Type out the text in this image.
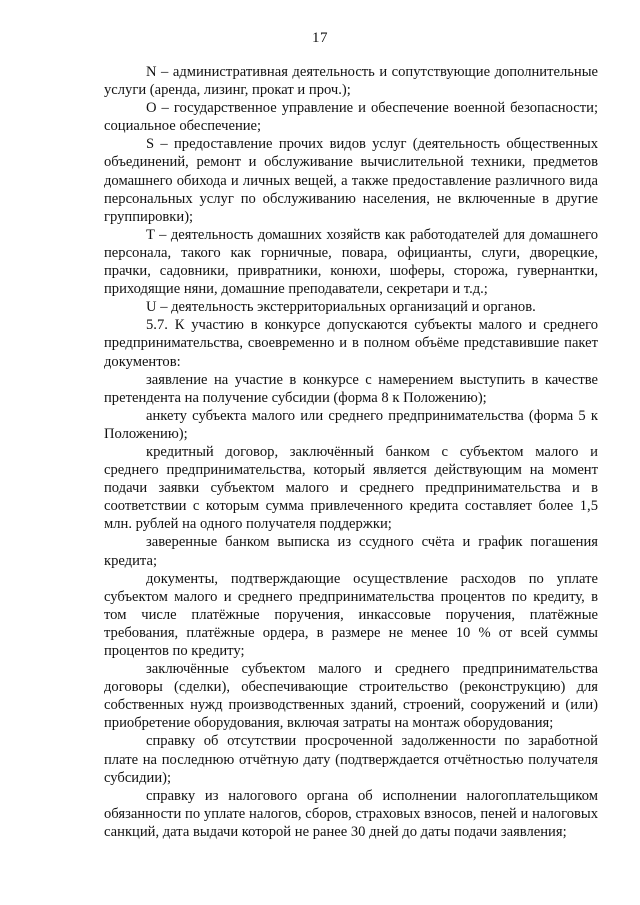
17

N – административная деятельность и сопутствующие дополнительные услуги (аренда, лизинг, прокат и проч.);

O – государственное управление и обеспечение военной безопасности; социальное обеспечение;

S – предоставление прочих видов услуг (деятельность общественных объединений, ремонт и обслуживание вычислительной техники, предметов домашнего обихода и личных вещей, а также предоставление различного вида персональных услуг по обслуживанию населения, не включенные в другие группировки);

T – деятельность домашних хозяйств как работодателей для домашнего персонала, такого как горничные, повара, официанты, слуги, дворецкие, прачки, садовники, привратники, конюхи, шоферы, сторожа, гувернантки, приходящие няни, домашние преподаватели, секретари и т.д.;

U – деятельность экстерриториальных организаций и органов.

5.7. К участию в конкурсе допускаются субъекты малого и среднего предпринимательства, своевременно и в полном объёме представившие пакет документов:

заявление на участие в конкурсе с намерением выступить в качестве претендента на получение субсидии (форма 8 к Положению);

анкету субъекта малого или среднего предпринимательства (форма 5 к Положению);

кредитный договор, заключённый банком с субъектом малого и среднего предпринимательства, который является действующим на момент подачи заявки субъектом малого и среднего предпринимательства и в соответствии с которым сумма привлеченного кредита составляет более 1,5 млн. рублей на одного получателя поддержки;

заверенные банком выписка из ссудного счёта и график погашения кредита;

документы, подтверждающие осуществление расходов по уплате субъектом малого и среднего предпринимательства процентов по кредиту, в том числе платёжные поручения, инкассовые поручения, платёжные требования, платёжные ордера, в размере не менее 10 % от всей суммы процентов по кредиту;

заключённые субъектом малого и среднего предпринимательства договоры (сделки), обеспечивающие строительство (реконструкцию) для собственных нужд производственных зданий, строений, сооружений и (или) приобретение оборудования, включая затраты на монтаж оборудования;

справку об отсутствии просроченной задолженности по заработной плате на последнюю отчётную дату (подтверждается отчётностью получателя субсидии);

справку из налогового органа об исполнении налогоплательщиком обязанности по уплате налогов, сборов, страховых взносов, пеней и налоговых санкций, дата выдачи которой не ранее 30 дней до даты подачи заявления;
